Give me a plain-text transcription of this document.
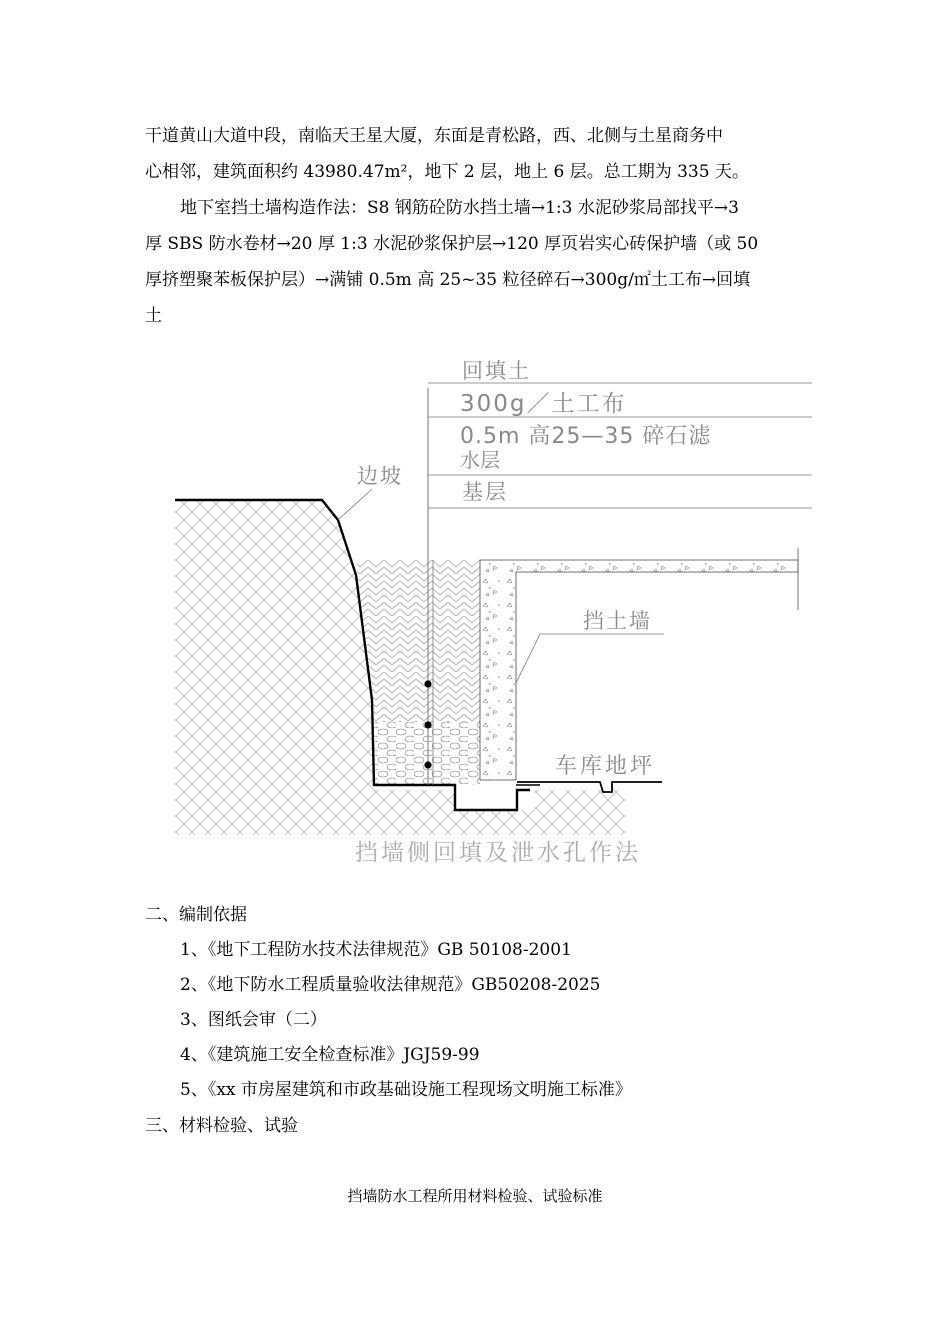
干道黄山大道中段，南临天王星大厦，东面是青松路，西、北侧与土星商务中
心相邻，建筑面积约 43980.47m²，地下 2 层，地上 6 层。总工期为 335 天。
地下室挡土墙构造作法：S8 钢筋砼防水挡土墙→1:3 水泥砂浆局部找平→3
厚 SBS 防水卷材→20 厚 1:3 水泥砂浆保护层→120 厚页岩实心砖保护墙（或 50
厚挤塑聚苯板保护层）→满铺 0.5m 高 25~35 粒径碎石→300g/㎡土工布→回填
土
回填土
300g／土工布
0.5m 高25—35 碎石滤
水层
基层
边坡
挡土墙
车库地坪
挡墙侧回填及泄水孔作法
二、编制依据
1、《地下工程防水技术法律规范》GB 50108-2001
2、《地下防水工程质量验收法律规范》GB50208-2025
3、图纸会审（二）
4、《建筑施工安全检查标准》JGJ59-99
5、《xx 市房屋建筑和市政基础设施工程现场文明施工标准》
三、材料检验、试验
挡墙防水工程所用材料检验、试验标准
